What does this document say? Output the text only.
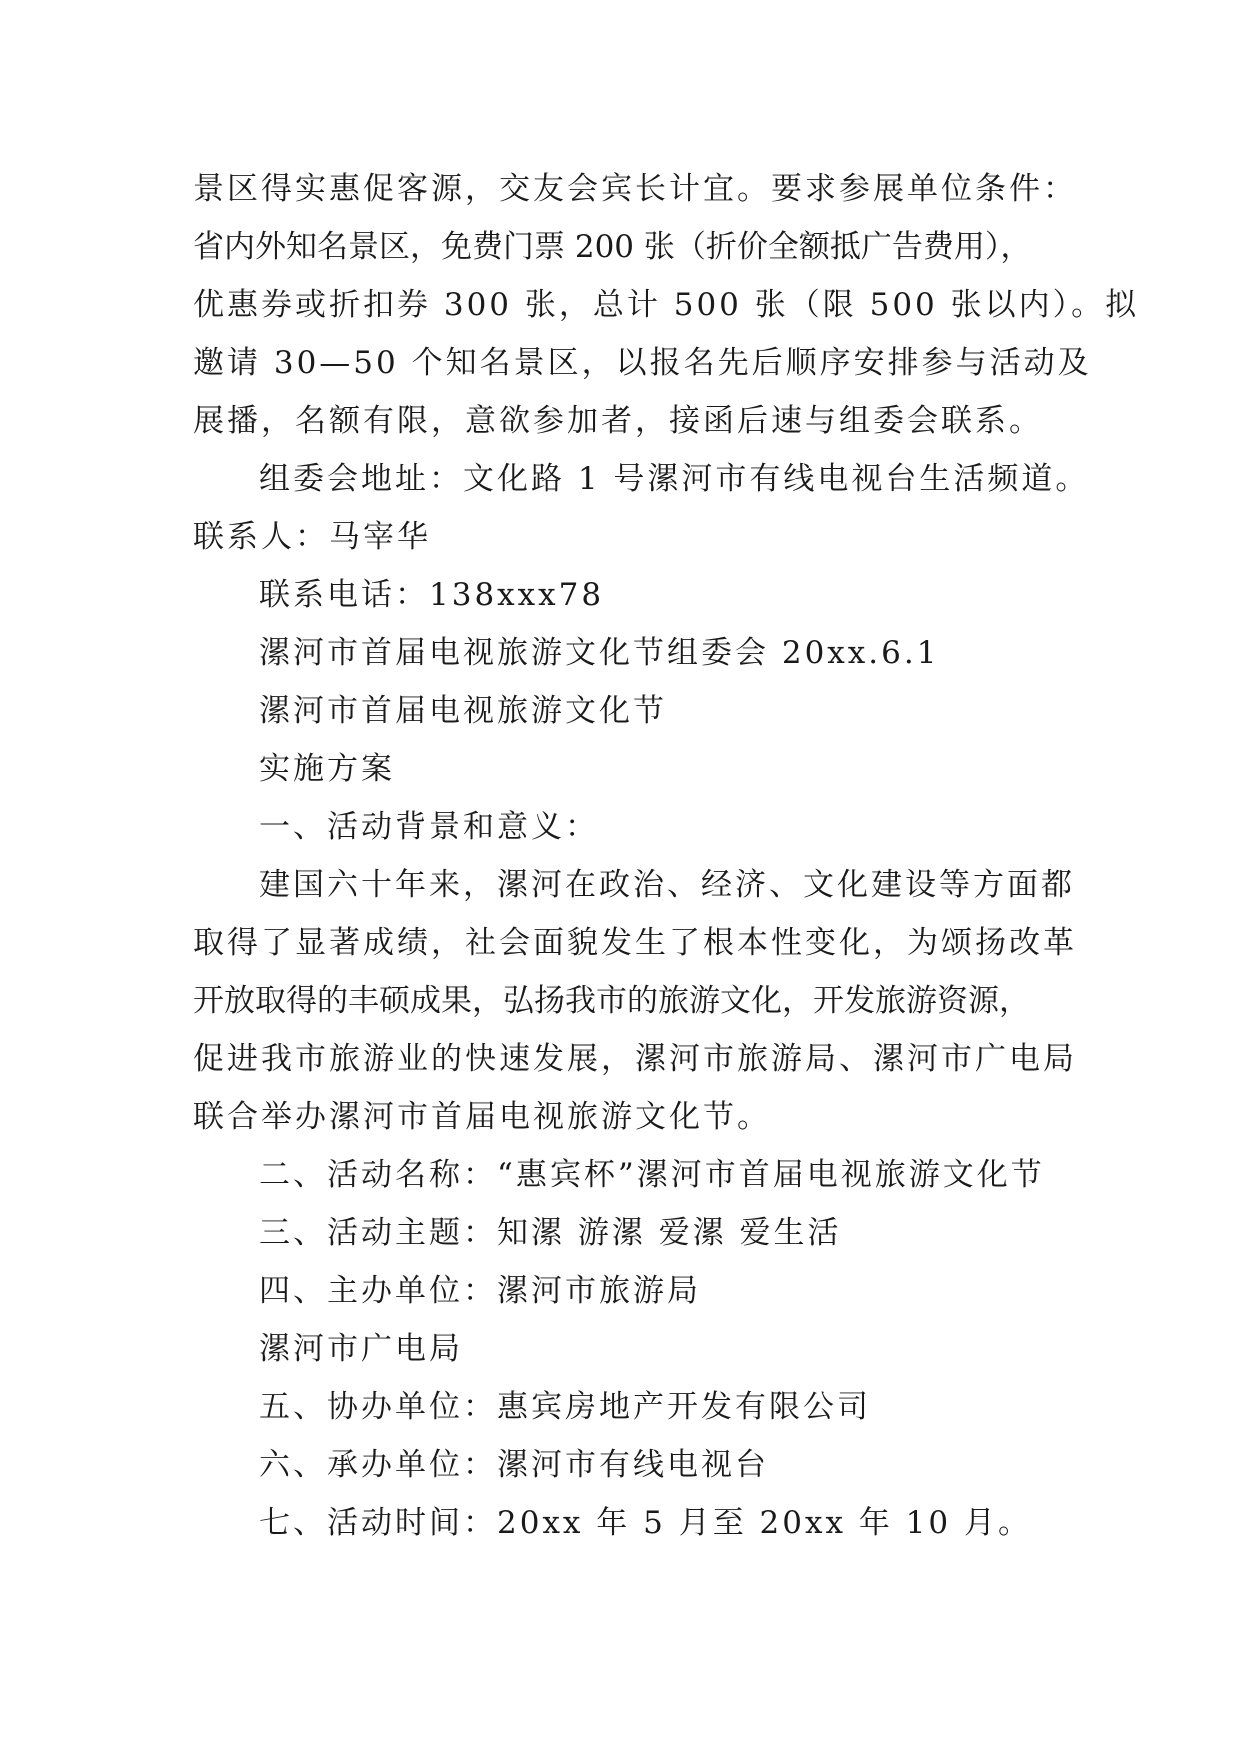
景区得实惠促客源，交友会宾长计宜。要求参展单位条件：
省内外知名景区，免费门票 200 张（折价全额抵广告费用），
优惠券或折扣券 300 张，总计 500 张（限 500 张以内）。拟
邀请 30—50 个知名景区，以报名先后顺序安排参与活动及
展播，名额有限，意欲参加者，接函后速与组委会联系。
组委会地址：文化路 1 号漯河市有线电视台生活频道。
联系人：马宰华
联系电话：138xxx78
漯河市首届电视旅游文化节组委会 20xx.6.1
漯河市首届电视旅游文化节
实施方案
一、活动背景和意义：
建国六十年来，漯河在政治、经济、文化建设等方面都
取得了显著成绩，社会面貌发生了根本性变化，为颂扬改革
开放取得的丰硕成果，弘扬我市的旅游文化，开发旅游资源，
促进我市旅游业的快速发展，漯河市旅游局、漯河市广电局
联合举办漯河市首届电视旅游文化节。
二、活动名称：“惠宾杯”漯河市首届电视旅游文化节
三、活动主题：知漯 游漯 爱漯 爱生活
四、主办单位：漯河市旅游局
漯河市广电局
五、协办单位：惠宾房地产开发有限公司
六、承办单位：漯河市有线电视台
七、活动时间：20xx 年 5 月至 20xx 年 10 月。
